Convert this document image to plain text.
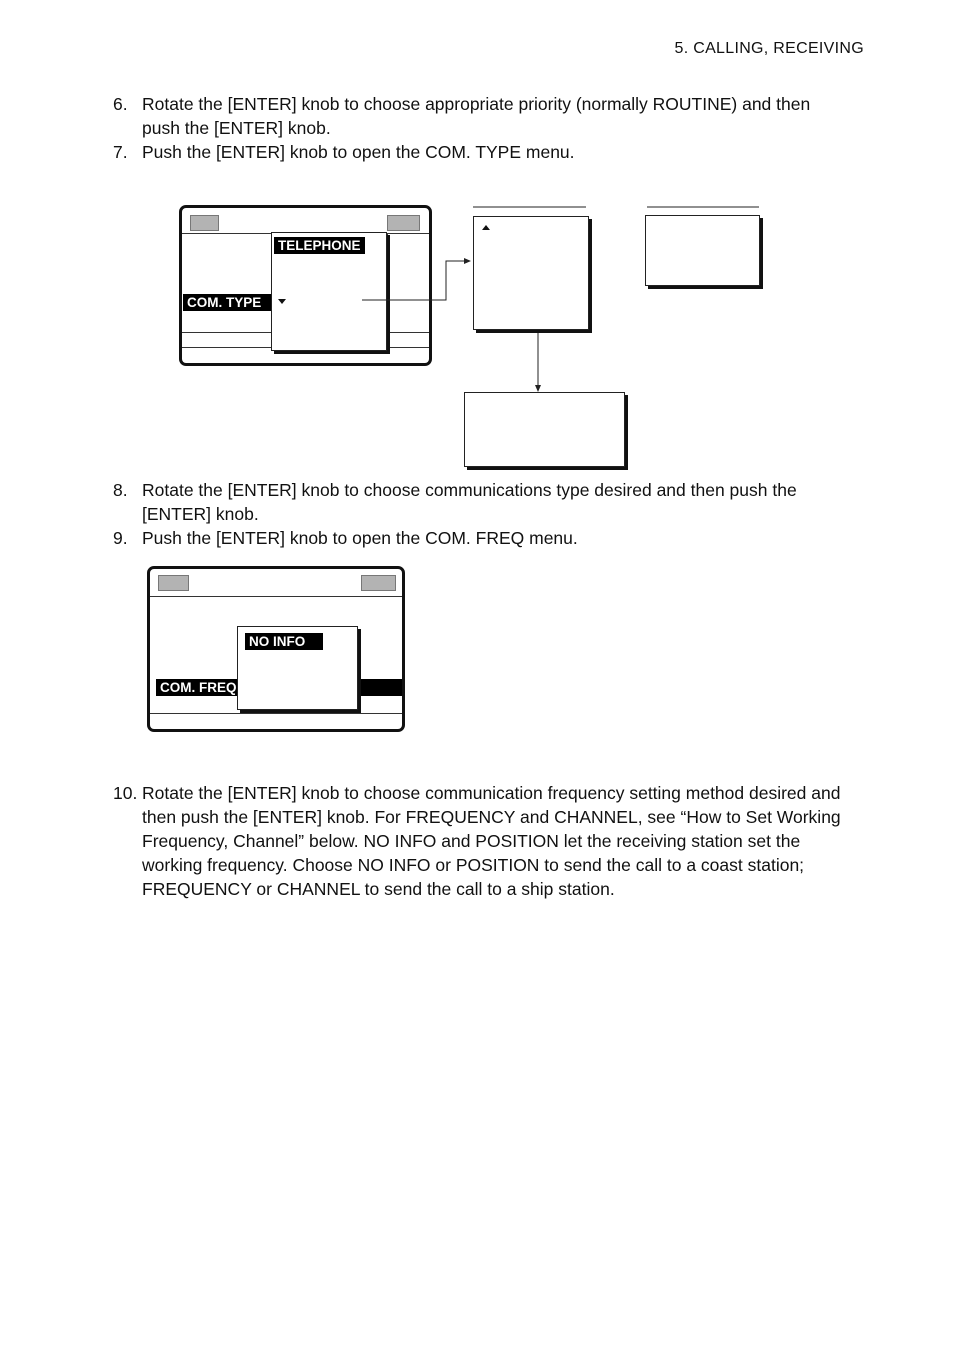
5. CALLING, RECEIVING
6. Rotate the [ENTER] knob to choose appropriate priority (normally ROUTINE) and then push the [ENTER] knob.
7. Push the [ENTER] knob to open the COM. TYPE menu.
COM. TYPE
TELEPHONE
8. Rotate the [ENTER] knob to choose communications type desired and then push the [ENTER] knob.
9. Push the [ENTER] knob to open the COM. FREQ menu.
COM. FREQ
NO INFO
10. Rotate the [ENTER] knob to choose communication frequency setting method desired and then push the [ENTER] knob. For FREQUENCY and CHANNEL, see “How to Set Working Frequency, Channel” below. NO INFO and POSITION let the receiving station set the working frequency. Choose NO INFO or POSITION to send the call to a coast station; FREQUENCY or CHANNEL to send the call to a ship station.
